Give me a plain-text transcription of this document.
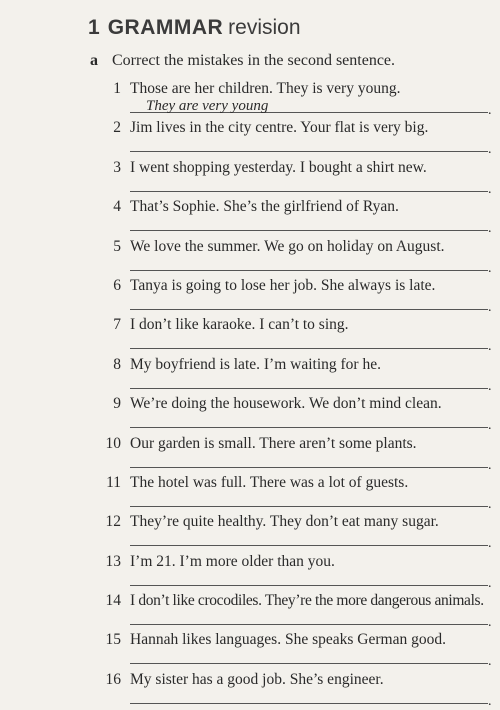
1 GRAMMAR revision
a Correct the mistakes in the second sentence.
1 Those are her children. They is very young.
.
They are very young
2 Jim lives in the city centre. Your flat is very big.
.
3 I went shopping yesterday. I bought a shirt new.
.
4 That’s Sophie. She’s the girlfriend of Ryan.
.
5 We love the summer. We go on holiday on August.
.
6 Tanya is going to lose her job. She always is late.
.
7 I don’t like karaoke. I can’t to sing.
.
8 My boyfriend is late. I’m waiting for he.
.
9 We’re doing the housework. We don’t mind clean.
.
10 Our garden is small. There aren’t some plants.
.
11 The hotel was full. There was a lot of guests.
.
12 They’re quite healthy. They don’t eat many sugar.
.
13 I’m 21. I’m more older than you.
.
14 I don’t like crocodiles. They’re the more dangerous animals.
.
15 Hannah likes languages. She speaks German good.
.
16 My sister has a good job. She’s engineer.
.
